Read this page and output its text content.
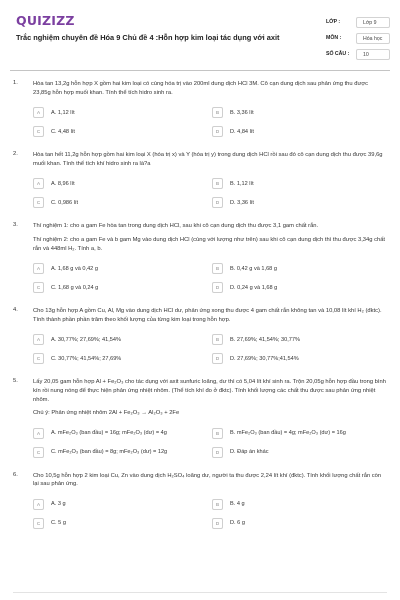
QUIZIZZ
Trắc nghiệm chuyên đề Hóa 9 Chủ đề 4 :Hỗn hợp kim loại tác dụng với axit
LỚP :	Lớp 9
MÔN :	Hóa học
SỐ CÂU :	10
1.	Hòa tan 13,2g hỗn hợp X gồm hai kim loại có cùng hóa trị vào 200ml dung dịch HCl 3M. Cô cạn dung dịch sau phản ứng thu được 23,85g hỗn hợp muối khan. Tính thể tích hidro sinh ra.
A	A. 1,12 lít	B	B. 3,36 lít
C	C. 4,48 lít	D	D. 4,84 lít
2.	Hòa tan hết 11,2g hỗn hợp gồm hai kim loại X (hóa trị x) và Y (hóa trị y) trong dung dịch HCl rồi sau đó cô cạn dung dịch thu được 39,6g muối khan. Tính thể tích khí hidro sinh ra là?a
A	A. 8,96 lít	B	B. 1,12 lít
C	C. 0,986 lít	D	D. 3,36 lít
3.	Thí nghiệm 1: cho a gam Fe hòa tan trong dung dịch HCl, sau khi cô cạn dung dịch thu được 3,1 gam chất rắn.
Thí nghiệm 2: cho a gam Fe và b gam Mg vào dung dịch HCl (cùng với lượng như trên) sau khi cô cạn dung dịch thì thu được 3,34g chất rắn và 448ml H₂. Tính a, b.
A	A. 1,68 g và 0,42 g	B	B. 0,42 g và 1,68 g
C	C. 1,68 g và 0,24 g	D	D. 0,24 g và 1,68 g
4.	Cho 13g hỗn hợp A gồm Cu, Al, Mg vào dung dịch HCl dư, phản ứng xong thu được 4 gam chất rắn không tan và 10,08 lít khí H₂ (đktc). Tính thành phần phần trăm theo khối lượng của từng kim loại trong hỗn hợp.
A	A. 30,77%; 27,69%; 41,54%	B	B. 27,69%; 41,54%; 30,77%
C	C. 30,77%; 41,54%; 27,69%	D	D. 27,69%; 30,77%;41,54%
5.	Lấy 20,05 gam hỗn hợp Al + Fe₂O₃ cho tác dụng với axit sunfuric loãng, dư thì có 5,04 lít khí sinh ra. Trộn 20,05g hỗn hợp đầu trong bình kín rồi nung nóng để thực hiện phản ứng nhiệt nhôm. (Thể tích khí đo ở đktc). Tính khối lượng các chất thu được sau phản ứng nhiệt nhôm.
Chú ý: Phản ứng nhiệt nhôm 2Al + Fe₂O₃ → Al₂O₃ + 2Fe
A	A. mFe₂O₃ (ban đầu) = 16g; mFe₂O₃ (dư) = 4g	B	B. mFe₂O₃ (ban đầu) = 4g; mFe₂O₃ (dư) = 16g
C	C. mFe₂O₃ (ban đầu) = 8g; mFe₂O₃ (dư) = 12g	D	D. Đáp án khác
6.	Cho 10,5g hỗn hợp 2 kim loại Cu, Zn vào dung dịch H₂SO₄ loãng dư, người ta thu được 2,24 lít khí (đktc). Tính khối lượng chất rắn còn lại sau phản ứng.
A	A. 3 g	B	B. 4 g
C	C. 5 g	D	D. 6 g
